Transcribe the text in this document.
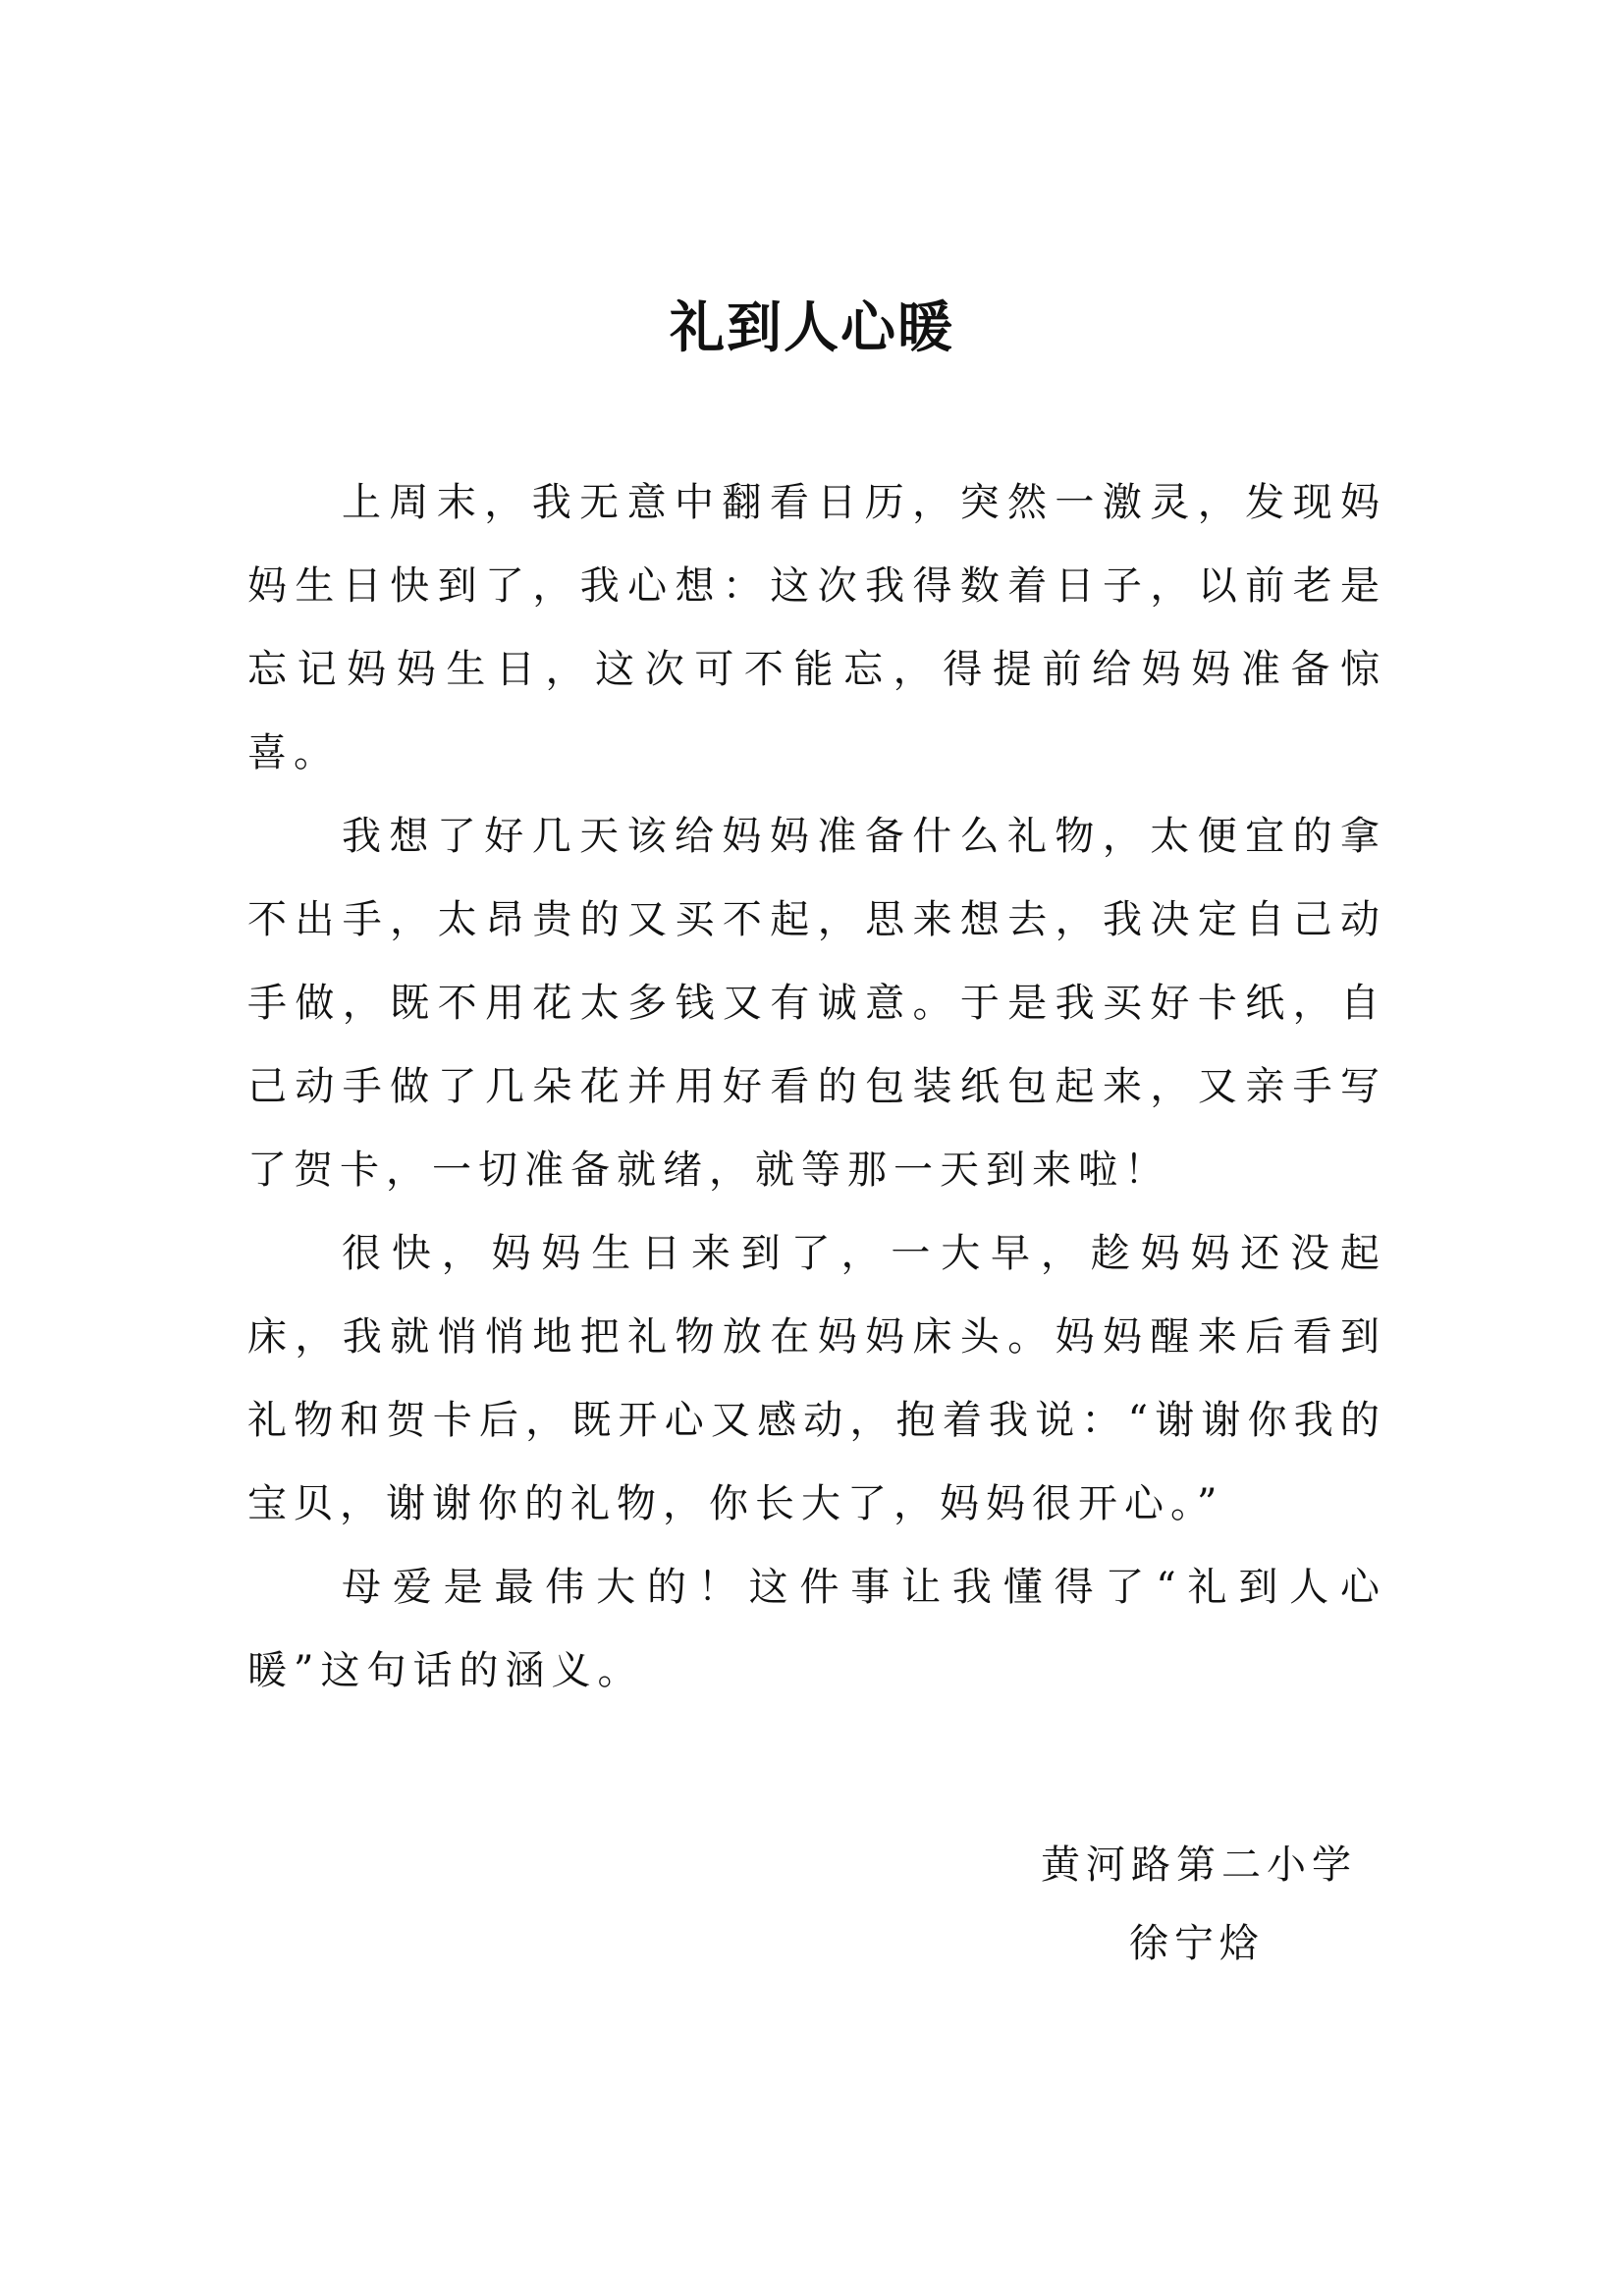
礼到人心暖

上周末，我无意中翻看日历，突然一激灵，发现妈妈生日快到了，我心想：这次我得数着日子，以前老是忘记妈妈生日，这次可不能忘，得提前给妈妈准备惊喜。

我想了好几天该给妈妈准备什么礼物，太便宜的拿不出手，太昂贵的又买不起，思来想去，我决定自己动手做，既不用花太多钱又有诚意。于是我买好卡纸，自己动手做了几朵花并用好看的包装纸包起来，又亲手写了贺卡，一切准备就绪，就等那一天到来啦！

很快，妈妈生日来到了，一大早，趁妈妈还没起床，我就悄悄地把礼物放在妈妈床头。妈妈醒来后看到礼物和贺卡后，既开心又感动，抱着我说：“谢谢你我的宝贝，谢谢你的礼物，你长大了，妈妈很开心。”

母爱是最伟大的！这件事让我懂得了“礼到人心暖”这句话的涵义。

黄河路第二小学
徐宁焓
